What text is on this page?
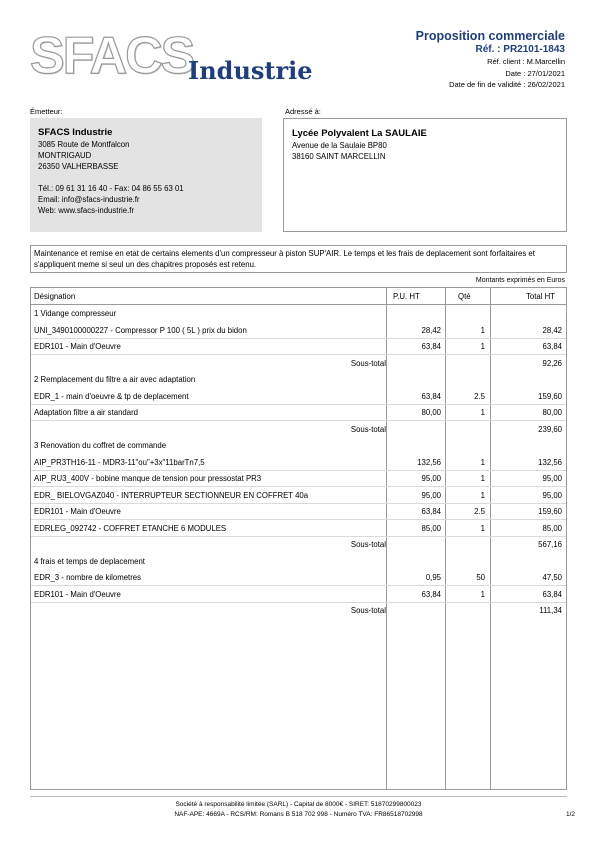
SFACS
Industrie
Proposition commerciale
Réf. : PR2101-1843
Réf. client : M.Marcellin
Date : 27/01/2021
Date de fin de validité : 26/02/2021
Émetteur:	Adressé à:
SFACS Industrie
3085 Route de Montfalcon
MONTRIGAUD
26350 VALHERBASSE
Tél.: 09 61 31 16 40 - Fax: 04 86 55 63 01
Email: info@sfacs-industrie.fr
Web: www.sfacs-industrie.fr
Lycée Polyvalent La SAULAIE
Avenue de la Saulaie BP80
38160 SAINT MARCELLIN
Maintenance et remise en etat de certains elements d'un compresseur à piston SUP'AIR. Le temps et les frais de deplacement sont forfaitaires et s'appliquent meme si seul un des chapitres proposés est retenu.
Montants exprimés en Euros
Désignation	P.U. HT	Qté	Total HT
1 Vidange compresseur
UNI_3490100000227 - Compressor P 100 ( 5L ) prix du bidon	28,42	1	28,42
EDR101 - Main d'Oeuvre	63,84	1	63,84
Sous-total	92,26
2 Remplacement du filtre a air avec adaptation
EDR_1 - main d'oeuvre & tp de deplacement	63,84	2.5	159,60
Adaptation filtre a air standard	80,00	1	80,00
Sous-total	239,60
3 Renovation du coffret de commande
AIP_PR3TH16-11 - MDR3-11"ou"+3x"11barTn7,5	132,56	1	132,56
AIP_RU3_400V - bobine manque de tension pour pressostat PR3	95,00	1	95,00
EDR_ BIELOVGAZ040 - INTERRUPTEUR SECTIONNEUR EN COFFRET 40a	95,00	1	95,00
EDR101 - Main d'Oeuvre	63,84	2.5	159,60
EDRLEG_092742 - COFFRET ETANCHE 6 MODULES	85,00	1	85,00
Sous-total	567,16
4 frais et temps de deplacement
EDR_3 - nombre de kilometres	0,95	50	47,50
EDR101 - Main d'Oeuvre	63,84	1	63,84
Sous-total	111,34
Société à responsabilité limitée (SARL) - Capital de 8000€ - SIRET: 51870299800023
NAF-APE: 4669A - RCS/RM: Romans B 518 702 998 - Numéro TVA: FR86518702998	1/2
